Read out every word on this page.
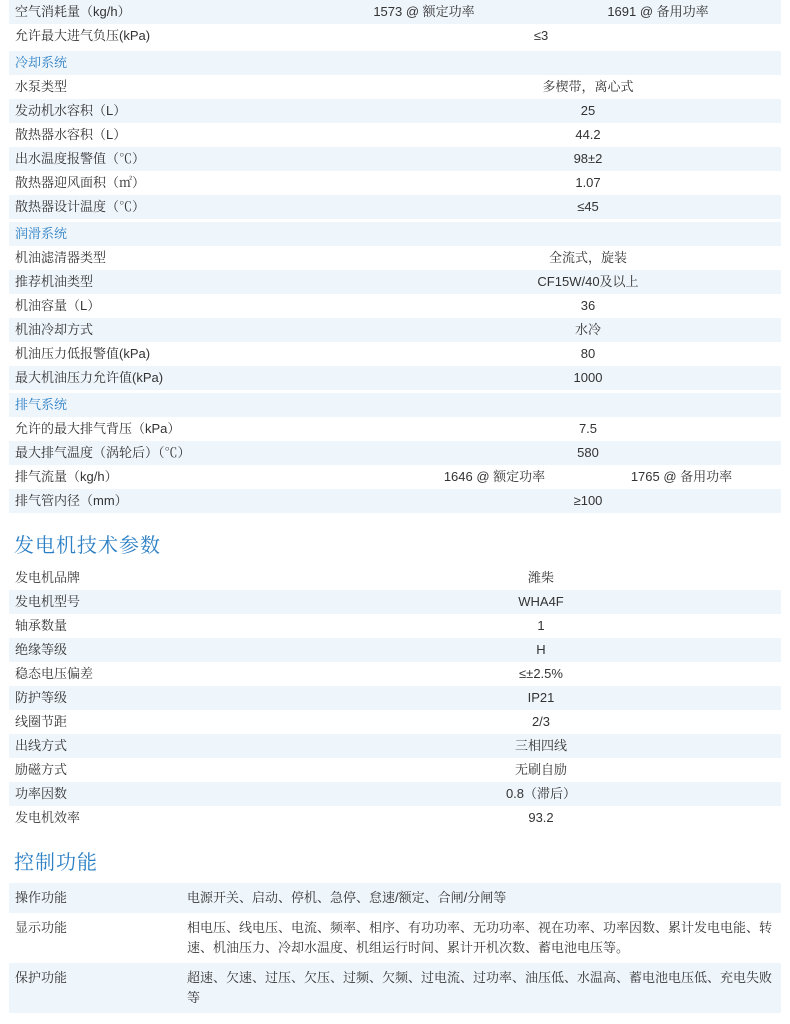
空气消耗量（kg/h）	1573 @ 额定功率 1691 @ 备用功率

允许最大进气负压(kPa)	≤3
冷却系统	
水泵类型	多楔带，离心式
发动机水容积（L）	25
散热器水容积（L）	44.2
出水温度报警值（℃）	98±2
散热器迎风面积（㎡）	1.07
散热器设计温度（℃）	≤45
润滑系统	
机油滤清器类型	全流式，旋装
推荐机油类型	CF15W/40及以上
机油容量（L）	36
机油冷却方式	水冷
机油压力低报警值(kPa)	80
最大机油压力允许值(kPa)	1000
排气系统	
允许的最大排气背压（kPa）	7.5
最大排气温度（涡轮后）（℃）	580
排气流量（kg/h）	1646 @ 额定功率 1765 @ 备用功率

排气管内径（mm）	≥100
发电机技术参数
发电机品牌	潍柴
发电机型号	WHA4F
轴承数量	1
绝缘等级	H
稳态电压偏差	≤±2.5%
防护等级	IP21
线圈节距	2/3
出线方式	三相四线
励磁方式	无刷自励
功率因数	0.8（滞后）
发电机效率	93.2
控制功能
操作功能	电源开关、启动、停机、急停、怠速/额定、合闸/分闸等
显示功能	相电压、线电压、电流、频率、相序、有功功率、无功功率、视在功率、功率因数、累计发电电能、转速、机油压力、冷却水温度、机组运行时间、累计开机次数、蓄电池电压等。
保护功能	超速、欠速、过压、欠压、过频、欠频、过电流、过功率、油压低、水温高、蓄电池电压低、充电失败等
